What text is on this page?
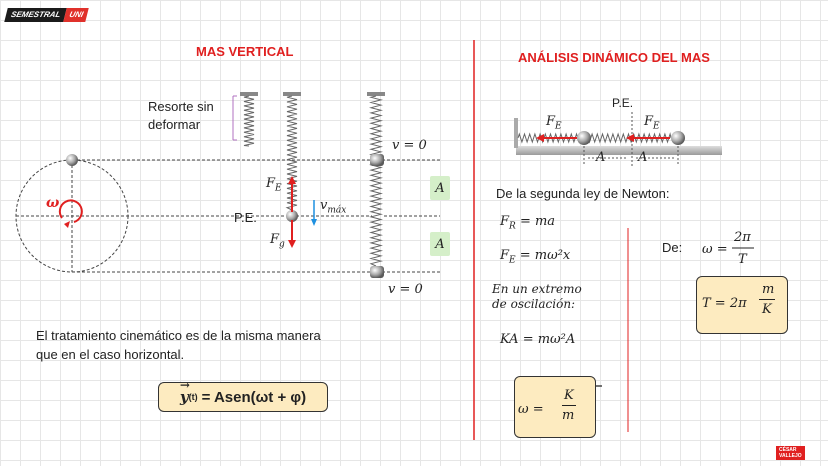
SEMESTRAL UNI
CÉSAR
VALLEJO
MAS VERTICAL
Resorte sin
deformar
ω
$F_E$
$F_g$
$v_{máx}$
P.E.
v = 0
v = 0
A
A
El tratamiento cinemático es de la misma manera
que en el caso horizontal.
→
y (t) = Asen(ωt + φ)
ANÁLISIS DINÁMICO DEL MAS
P.E.
$F_E$	$F_E$
A	A
De la segunda ley de Newton:
$F_R$ = ma
$F_E = m\omega^2x$
En un extremo
de oscilación:
KA = mω²A
ω =
K
m
De: ω =
2π
T
T = 2π
m
K
